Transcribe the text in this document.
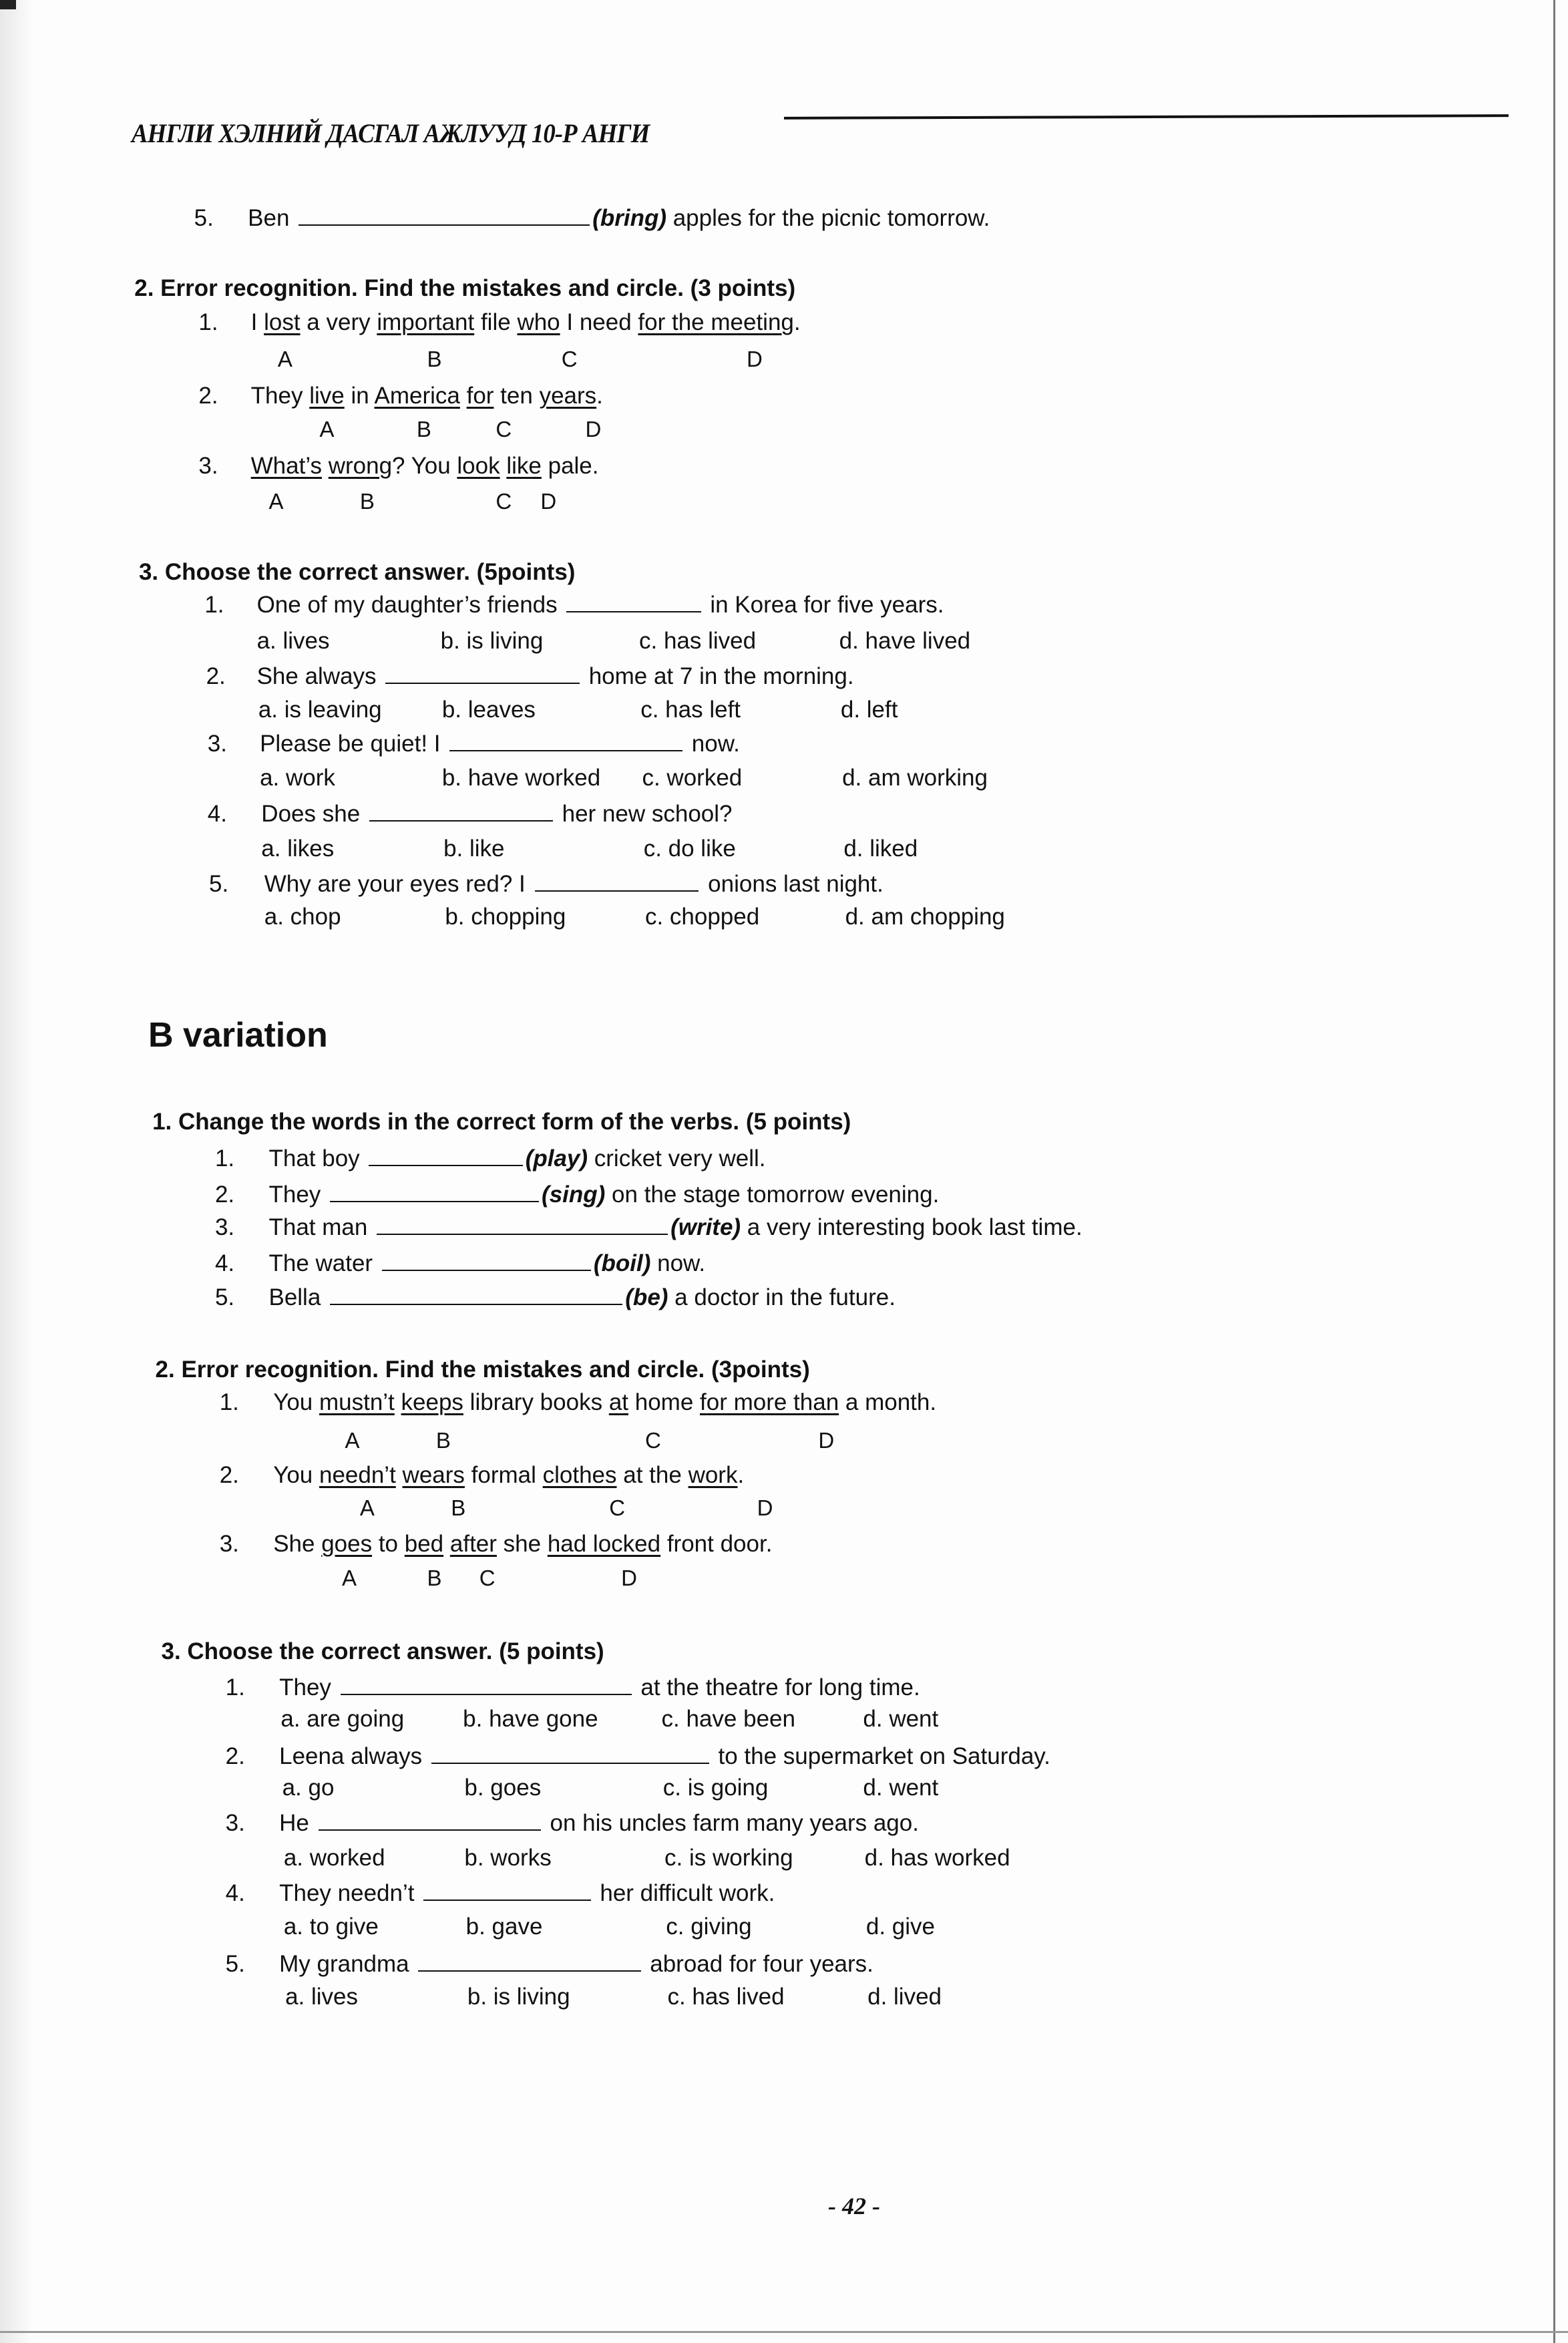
АНГЛИ ХЭЛНИЙ ДАСГАЛ АЖЛУУД 10-Р АНГИ
B variation
- 42 -
5. Ben	(bring) apples for the picnic tomorrow.
2. Error recognition. Find the mistakes and circle. (3 points)
1. I lost a very important file who I need for the meeting.
A	B	C	D
2. They live in America for ten years.
A	B	C	D
3. What’s wrong? You look like pale.
A	B	C D
3. Choose the correct answer. (5points)
1. One of my daughter’s friends	in Korea for five years.
a. lives	b. is living	c. has lived	d. have lived
2. She always	home at 7 in the morning.
a. is leaving	b. leaves	c. has left	d. left
3. Please be quiet! I	now.
a. work	b. have worked c. worked	d. am working
4. Does she	her new school?
a. likes	b. like	c. do like	d. liked
5. Why are your eyes red? I	onions last night.
a. chop	b. chopping	c. chopped	d. am chopping
1. Change the words in the correct form of the verbs. (5 points)
1. That boy	(play) cricket very well.
2. They	(sing) on the stage tomorrow evening.
3. That man	(write) a very interesting book last time.
4. The water	(boil) now.
5. Bella	(be) a doctor in the future.
2. Error recognition. Find the mistakes and circle. (3points)
1. You mustn’t keeps library books at home for more than a month.
A	B	C	D
2. You needn’t wears formal clothes at the work.
A	B	C	D
3. She goes to bed after she had locked front door.
A	B C	D
3. Choose the correct answer. (5 points)
1. They	at the theatre for long time.
a. are going	b. have gone	c. have been	d. went
2. Leena always	to the supermarket on Saturday.
a. go	b. goes	c. is going	d. went
3. He	on his uncles farm many years ago.
a. worked	b. works	c. is working	d. has worked
4. They needn’t	her difficult work.
a. to give	b. gave	c. giving	d. give
5. My grandma	abroad for four years.
a. lives	b. is living	c. has lived	d. lived
